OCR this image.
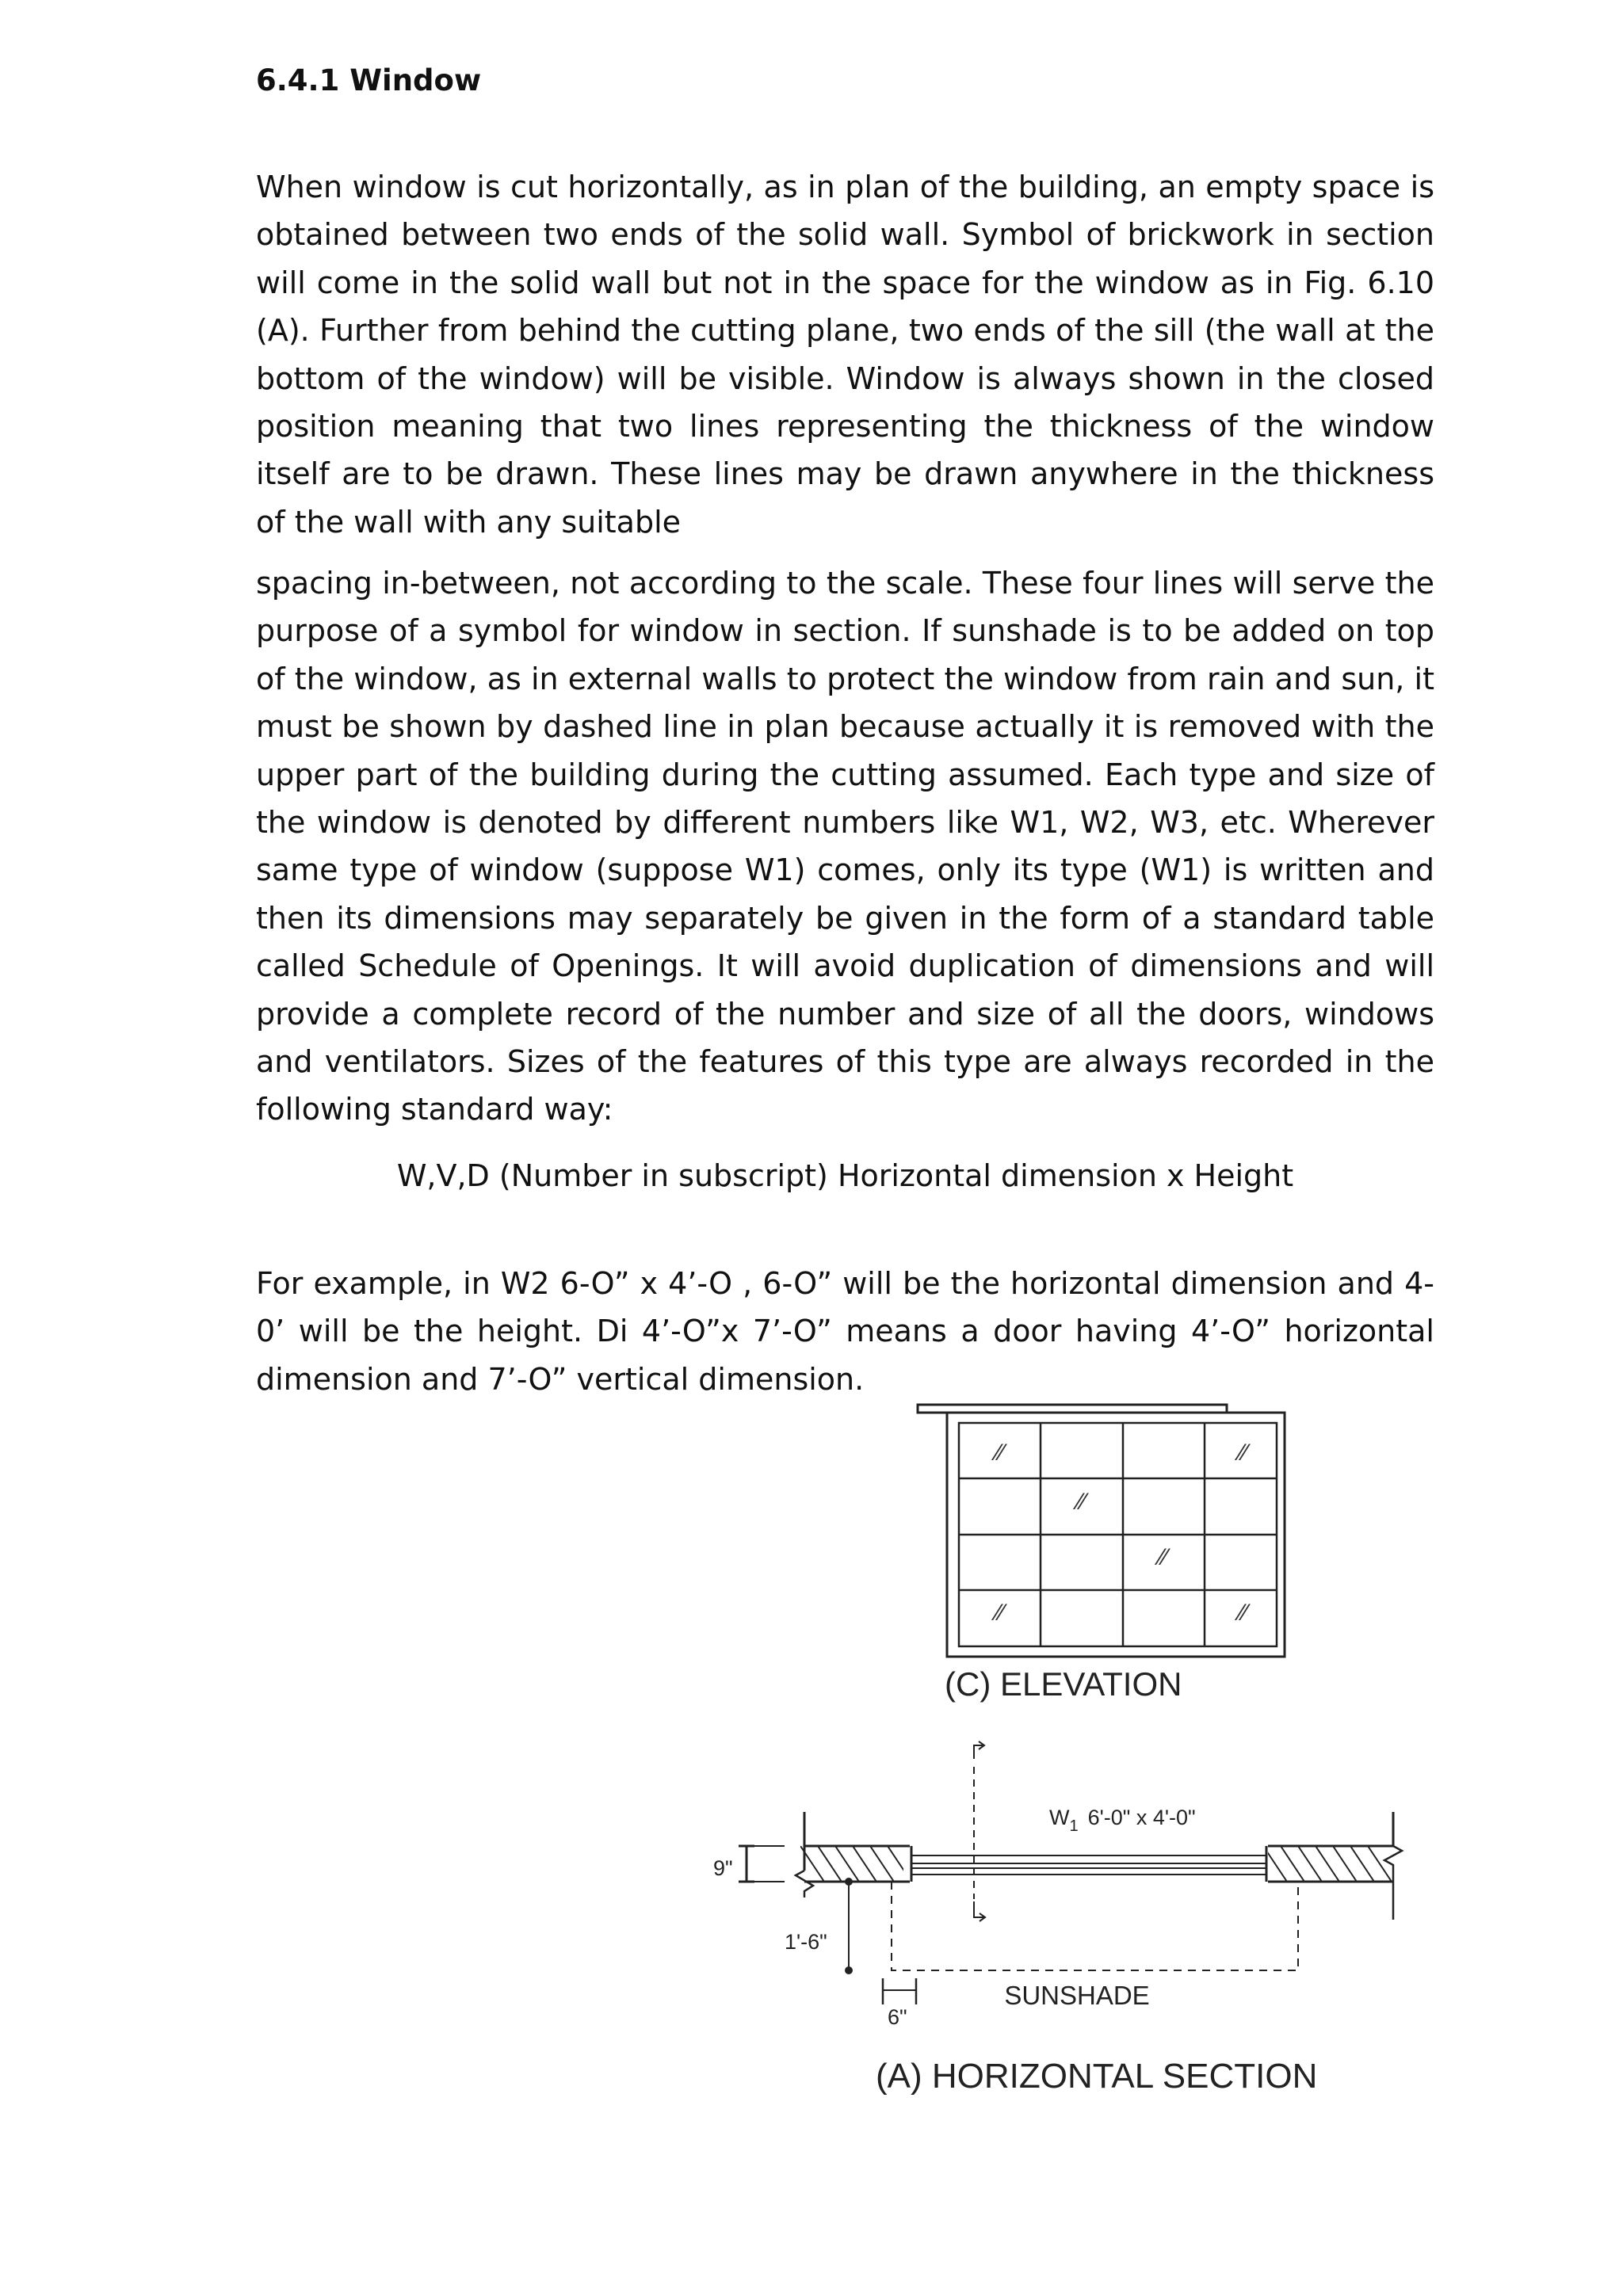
6.4.1 Window

When window is cut horizontally, as in plan of the building, an empty space is obtained between two ends of the solid wall. Symbol of brickwork in section will come in the solid wall but not in the space for the window as in Fig. 6.10 (A). Further from behind the cutting plane, two ends of the sill (the wall at the bottom of the window) will be visible. Window is always shown in the closed position meaning that two lines representing the thickness of the window itself are to be drawn. These lines may be drawn anywhere in the thickness of the wall with any suitable

spacing in-between, not according to the scale. These four lines will serve the purpose of a symbol for window in section. If sunshade is to be added on top of the window, as in external walls to protect the window from rain and sun, it must be shown by dashed line in plan because actually it is removed with the upper part of the building during the cutting assumed. Each type and size of the window is denoted by different numbers like W1, W2, W3, etc. Wherever same type of window (suppose W1) comes, only its type (W1) is written and then its dimensions may separately be given in the form of a standard table called Schedule of Openings. It will avoid duplication of dimensions and will provide a complete record of the number and size of all the doors, windows and ventilators. Sizes of the features of this type are always recorded in the following standard way:

W,V,D (Number in subscript) Horizontal dimension x Height

For example, in W2 6-O” x 4’-O , 6-O” will be the horizontal dimension and 4-0’ will be the height. Di 4’-O”x 7’-O” means a door having 4’-O” horizontal dimension and 7’-O” vertical dimension.

⁄⁄	⁄⁄
⁄⁄
⁄⁄
⁄⁄	⁄⁄
(C) ELEVATION
$W_1$ 6'-0" x 4'-0"
SUNSHADE
9"
1'-6"
6"
(A) HORIZONTAL SECTION
